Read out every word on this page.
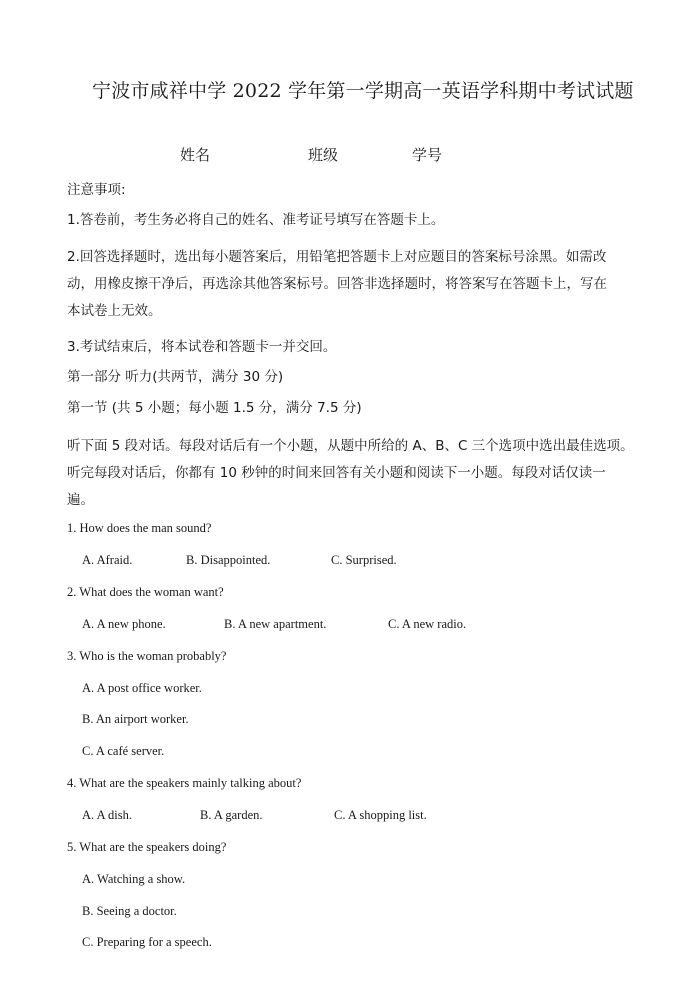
宁波市咸祥中学 2022 学年第一学期高一英语学科期中考试试题
姓名	班级	学号
注意事项:
1.答卷前，考生务必将自己的姓名、准考证号填写在答题卡上。
2.回答选择题时，选出每小题答案后，用铅笔把答题卡上对应题目的答案标号涂黑。如需改
动，用橡皮擦干净后，再选涂其他答案标号。回答非选择题时，将答案写在答题卡上，写在
本试卷上无效。
3.考试结束后，将本试卷和答题卡一并交回。
第一部分 听力(共两节，满分 30 分)
第一节 (共 5 小题；每小题 1.5 分，满分 7.5 分)
听下面 5 段对话。每段对话后有一个小题，从题中所给的 A、B、C 三个选项中选出最佳选项。
听完每段对话后，你都有 10 秒钟的时间来回答有关小题和阅读下一小题。每段对话仅读一
遍。
1. How does the man sound?
A. Afraid.	B. Disappointed.	C. Surprised.
2. What does the woman want?
A. A new phone.	B. A new apartment.	C. A new radio.
3. Who is the woman probably?
A. A post office worker.
B. An airport worker.
C. A café server.
4. What are the speakers mainly talking about?
A. A dish.	B. A garden.	C. A shopping list.
5. What are the speakers doing?
A. Watching a show.
B. Seeing a doctor.
C. Preparing for a speech.
